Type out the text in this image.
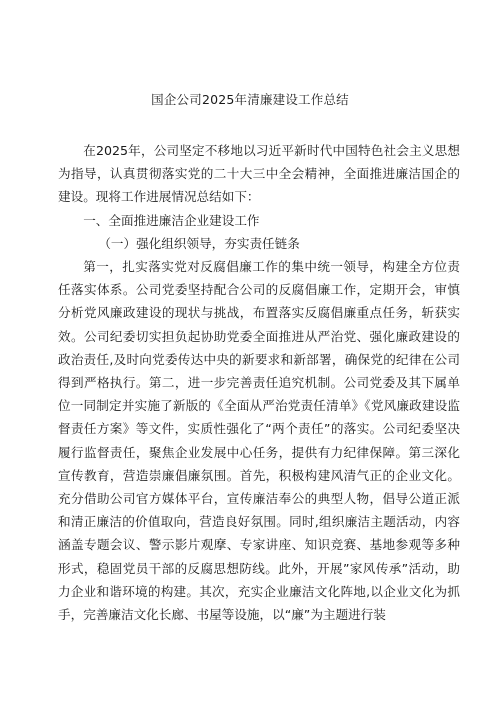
国企公司2025年清廉建设工作总结

在2025年，公司坚定不移地以习近平新时代中国特色社会主义思想为指导，认真贯彻落实党的二十大三中全会精神，全面推进廉洁国企的建设。现将工作进展情况总结如下：

一、全面推进廉洁企业建设工作

（一）强化组织领导，夯实责任链条

第一，扎实落实党对反腐倡廉工作的集中统一领导，构建全方位责任落实体系。公司党委坚持配合公司的反腐倡廉工作，定期开会，审慎分析党风廉政建设的现状与挑战，布置落实反腐倡廉重点任务，斩获实效。公司纪委切实担负起协助党委全面推进从严治党、强化廉政建设的政治责任,及时向党委传达中央的新要求和新部署，确保党的纪律在公司得到严格执行。第二，进一步完善责任追究机制。公司党委及其下属单位一同制定并实施了新版的《全面从严治党责任清单》《党风廉政建设监督责任方案》等文件，实质性强化了“两个责任”的落实。公司纪委坚决履行监督责任，聚焦企业发展中心任务，提供有力纪律保障。第三深化宣传教育，营造崇廉倡廉氛围。首先，积极构建风清气正的企业文化。充分借助公司官方媒体平台，宣传廉洁奉公的典型人物，倡导公道正派和清正廉洁的价值取向，营造良好氛围。同时,组织廉洁主题活动，内容涵盖专题会议、警示影片观摩、专家讲座、知识竞赛、基地参观等多种形式，稳固党员干部的反腐思想防线。此外，开展”家风传承”活动，助力企业和谐环境的构建。其次，充实企业廉洁文化阵地,以企业文化为抓手，完善廉洁文化长廊、书屋等设施，以“廉”为主题进行装
